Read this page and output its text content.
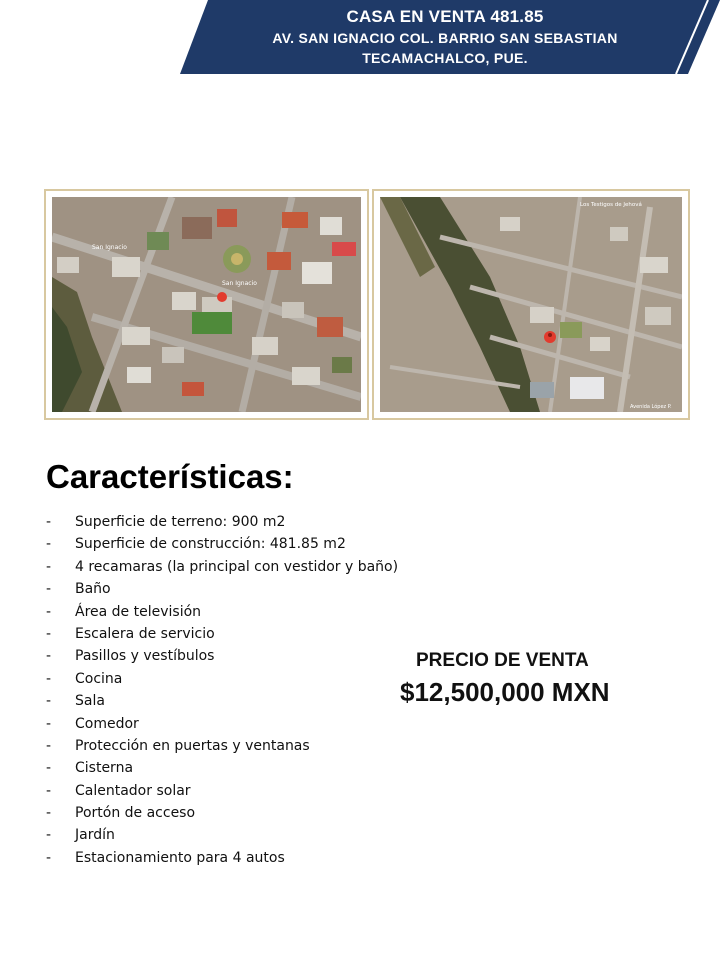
CASA EN VENTA 481.85
AV. SAN IGNACIO COL. BARRIO SAN SEBASTIAN
TECAMACHALCO, PUE.
San Ignacio
San Ignacio
Los Testigos de Jehová
Avenida López P.
Características:
- Superficie de terreno: 900 m2
- Superficie de construcción: 481.85 m2
- 4 recamaras (la principal con vestidor y baño)
- Baño
- Área de televisión
- Escalera de servicio
- Pasillos y vestíbulos
- Cocina
- Sala
- Comedor
- Protección en puertas y ventanas
- Cisterna
- Calentador solar
- Portón de acceso
- Jardín
- Estacionamiento para 4 autos
PRECIO DE VENTA
$12,500,000 MXN
